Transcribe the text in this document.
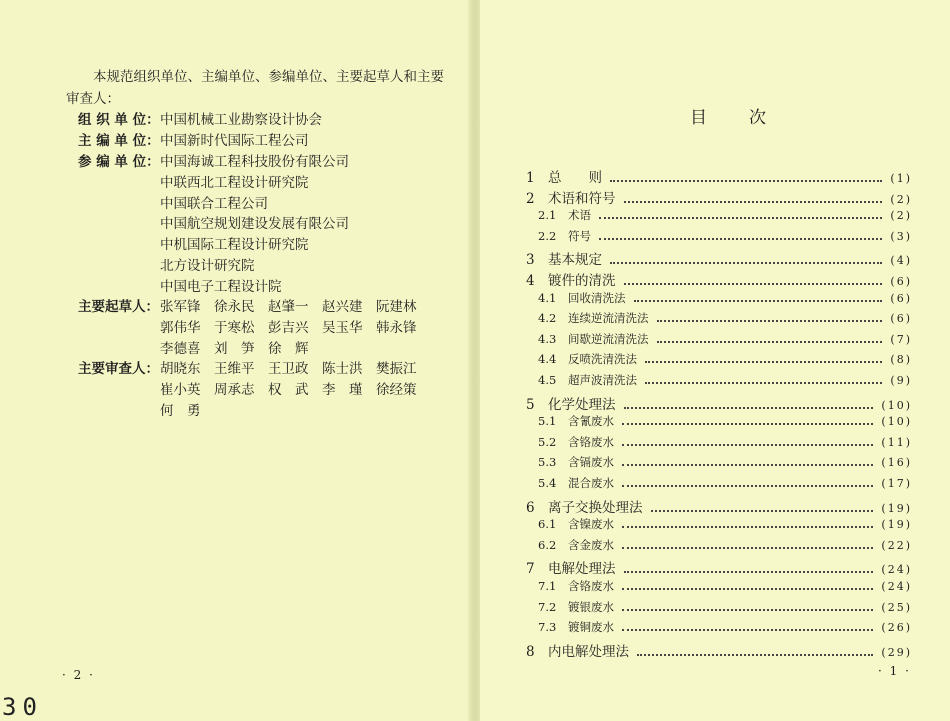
本规范组织单位、主编单位、参编单位、主要起草人和主要审查人：
组 织 单 位： 中国机械工业勘察设计协会
主 编 单 位： 中国新时代国际工程公司
参 编 单 位： 中国海诚工程科技股份有限公司
中联西北工程设计研究院
中国联合工程公司
中国航空规划建设发展有限公司
中机国际工程设计研究院
北方设计研究院
中国电子工程设计院
主要起草人： 张军锋 徐永民 赵肇一 赵兴建 阮建林
郭伟华 于寒松 彭吉兴 吴玉华 韩永锋
李德喜 刘　笋 徐　辉
主要审查人： 胡晓东 王维平 王卫政 陈士洪 樊振江
崔小英 周承志 权　武 李　瑾 徐经策
何　勇
· 2 ·
目次
1 总　　则	(1)
2 术语和符号	(2)
2.1	术语	(2)
2.2	符号	(3)
3 基本规定	(4)
4 镀件的清洗	(6)
4.1	回收清洗法	(6)
4.2	连续逆流清洗法	(6)
4.3	间歇逆流清洗法	(7)
4.4	反喷洗清洗法	(8)
4.5	超声波清洗法	(9)
5 化学处理法	(10)
5.1	含氰废水	(10)
5.2	含铬废水	(11)
5.3	含镉废水	(16)
5.4	混合废水	(17)
6 离子交换处理法	(19)
6.1	含镍废水	(19)
6.2	含金废水	(22)
7 电解处理法	(24)
7.1	含铬废水	(24)
7.2	镀银废水	(25)
7.3	镀铜废水	(26)
8 内电解处理法	(29)
· 1 ·
30
